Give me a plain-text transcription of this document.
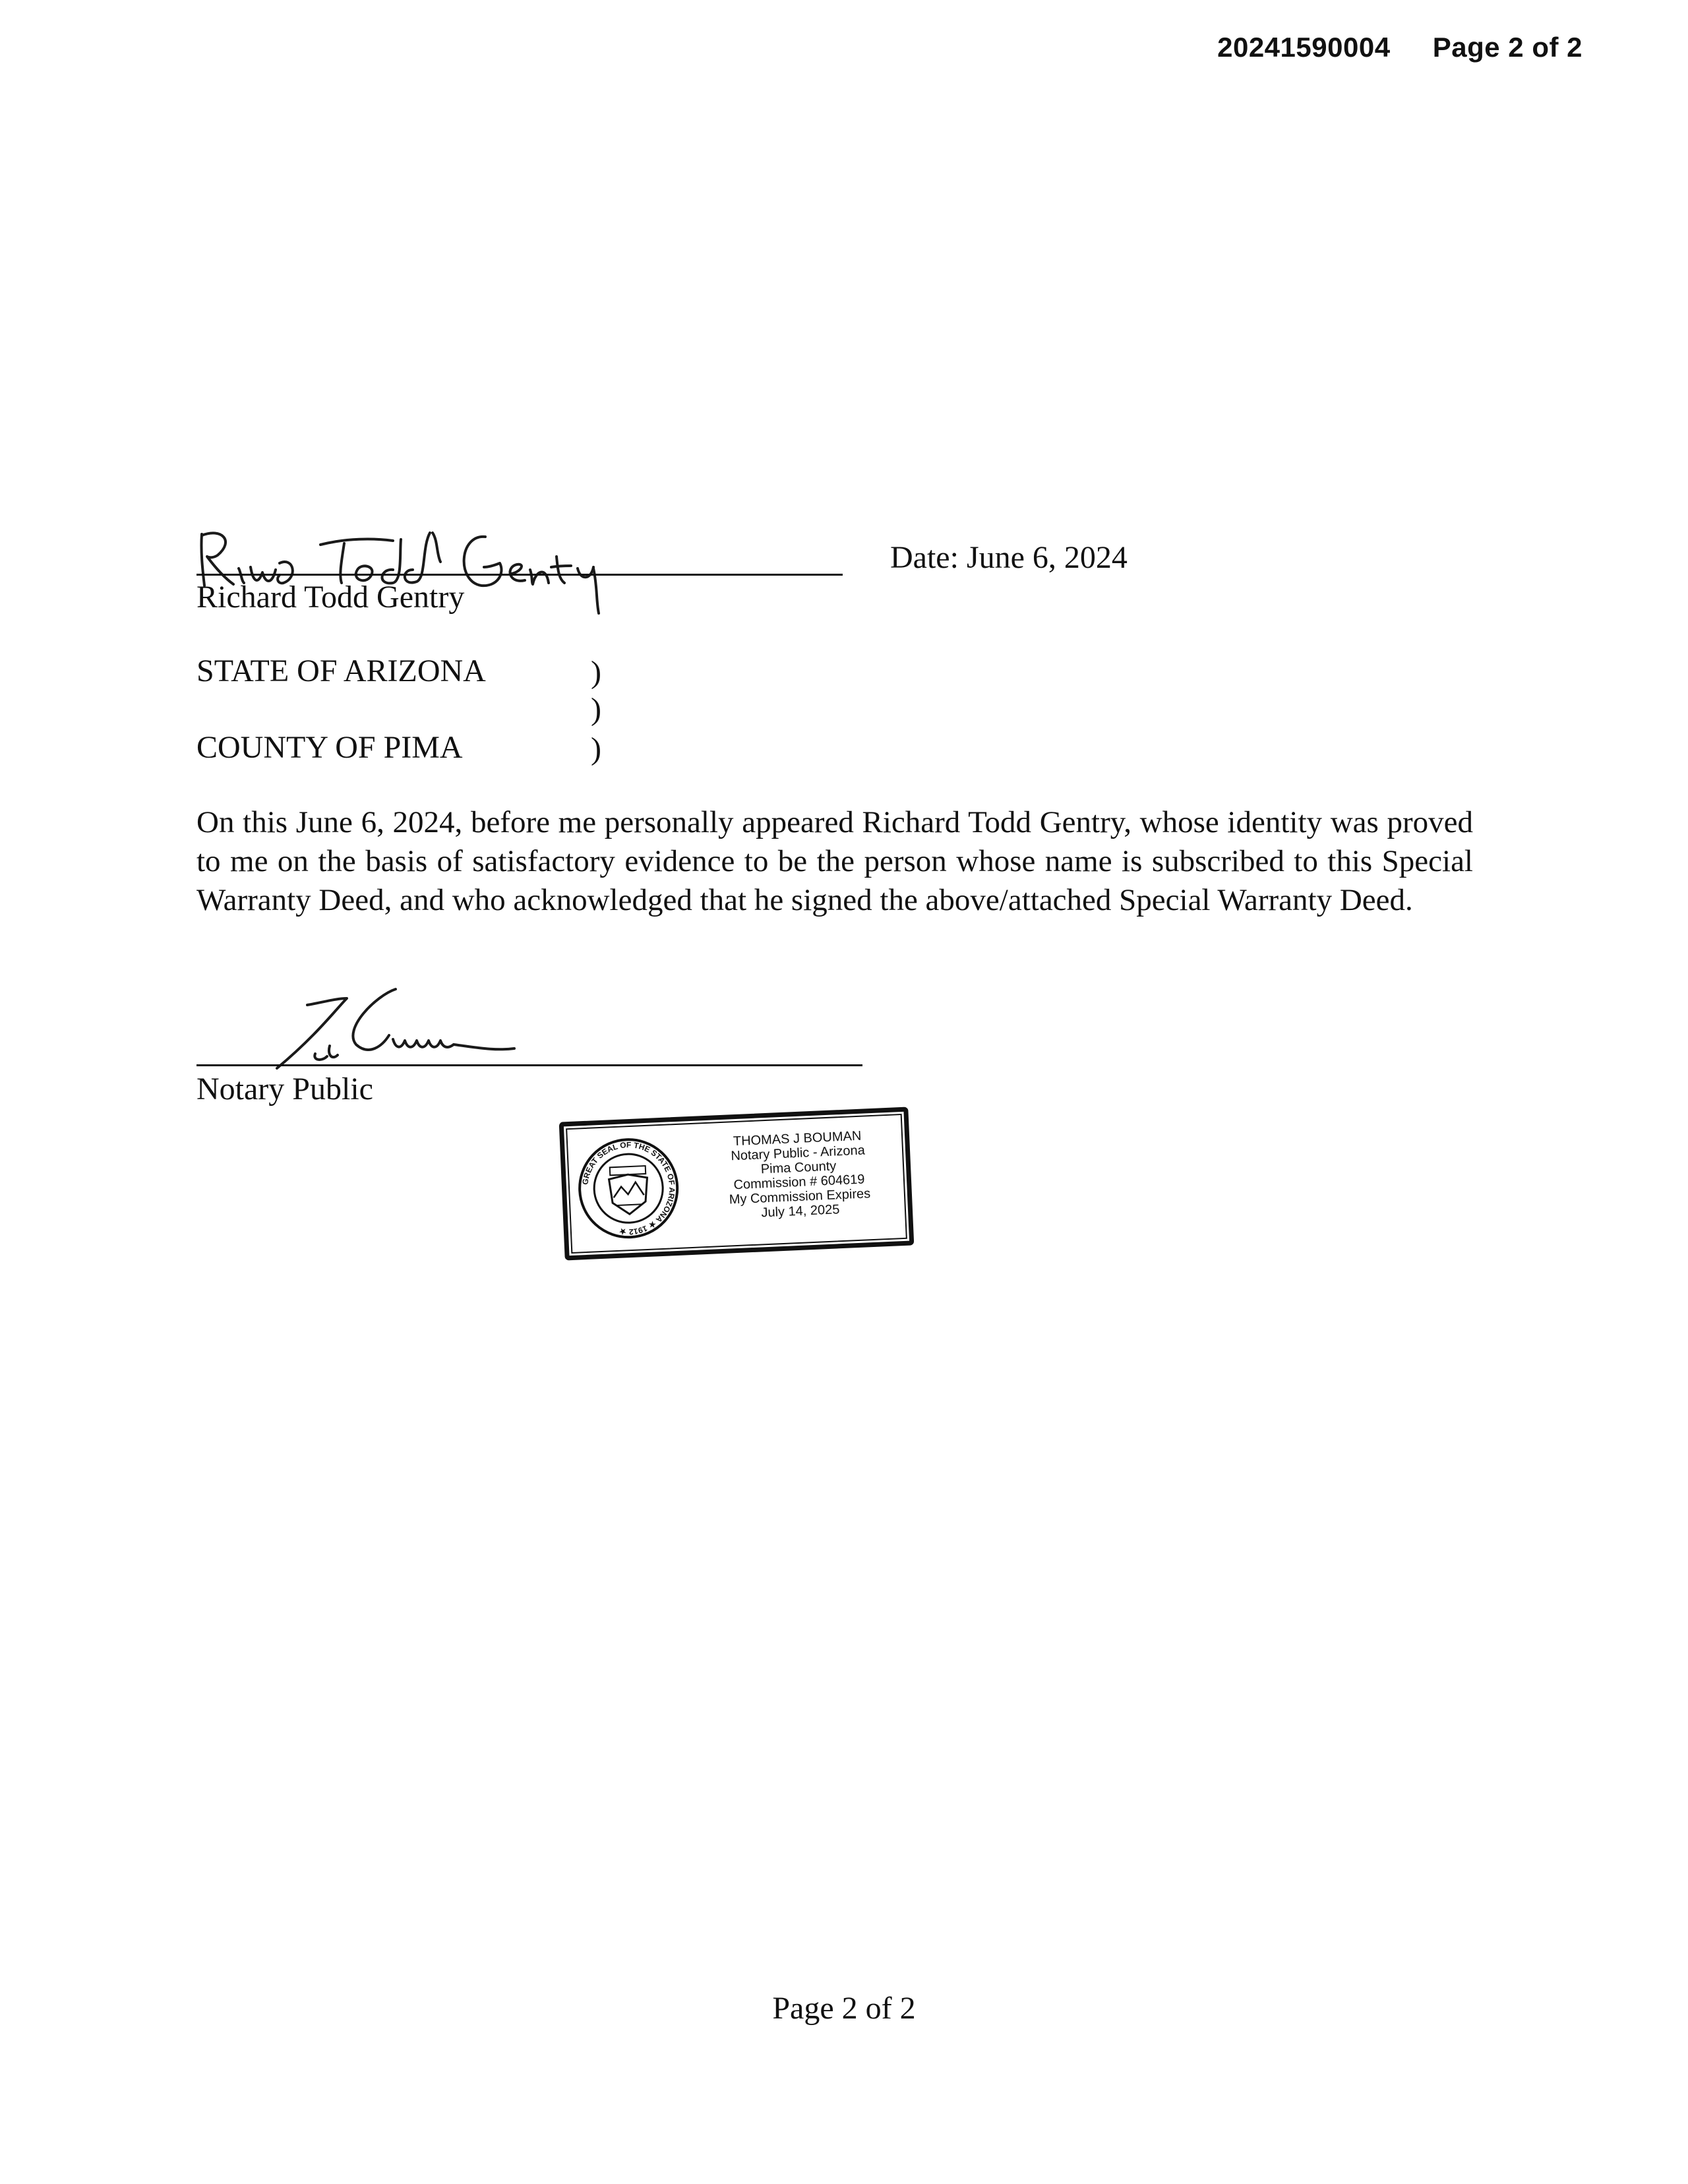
20241590004 Page 2 of 2
Richard Todd Gentry
Date: June 6, 2024
STATE OF ARIZONA	)
)
)
COUNTY OF PIMA
On this June 6, 2024, before me personally appeared Richard Todd Gentry, whose identity was proved to me on the basis of satisfactory evidence to be the person whose name is subscribed to this Special Warranty Deed, and who acknowledged that he signed the above/attached Special Warranty Deed.
Notary Public
GREAT SEAL OF THE STATE OF ARIZONA ★ 1912 ★
THOMAS J BOUMAN
Notary Public - Arizona
Pima County
Commission # 604619
My Commission Expires
July 14, 2025
Page 2 of 2
